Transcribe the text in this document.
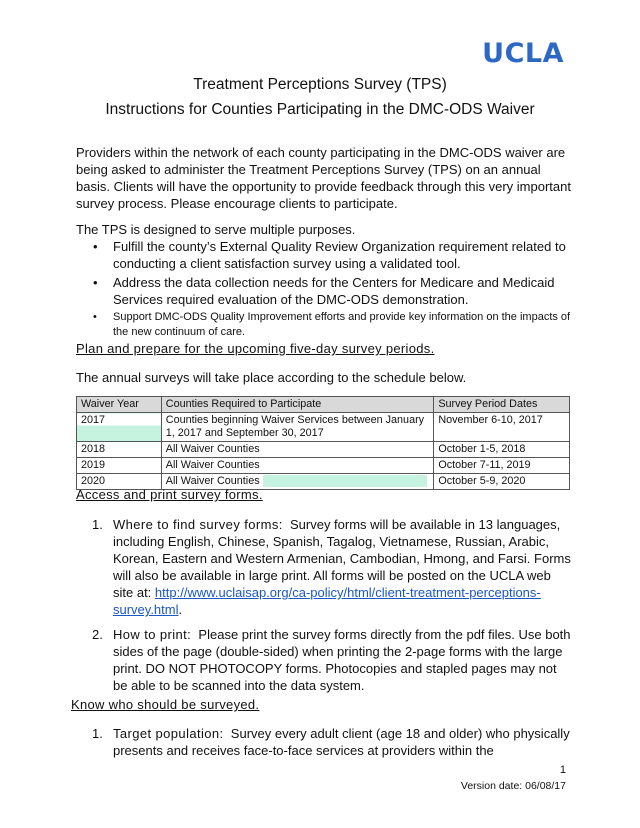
UCLA
Treatment Perceptions Survey (TPS)
Instructions for Counties Participating in the DMC-ODS Waiver
Providers within the network of each county participating in the DMC-ODS waiver are being asked to administer the Treatment Perceptions Survey (TPS) on an annual basis. Clients will have the opportunity to provide feedback through this very important survey process. Please encourage clients to participate.
The TPS is designed to serve multiple purposes.
• Fulfill the county’s External Quality Review Organization requirement related to conducting a client satisfaction survey using a validated tool.
• Address the data collection needs for the Centers for Medicare and Medicaid Services required evaluation of the DMC-ODS demonstration.
• Support DMC-ODS Quality Improvement efforts and provide key information on the impacts of the new continuum of care.
Plan and prepare for the upcoming five-day survey periods.
The annual surveys will take place according to the schedule below.
Waiver Year	Counties Required to Participate	Survey Period Dates
2017	Counties beginning Waiver Services between January 1, 2017 and September 30, 2017	November 6-10, 2017
2018	All Waiver Counties	October 1-5, 2018
2019	All Waiver Counties	October 7-11, 2019
2020	All Waiver Counties	October 5-9, 2020
Access and print survey forms.
1. Where to find survey forms: Survey forms will be available in 13 languages, including English, Chinese, Spanish, Tagalog, Vietnamese, Russian, Arabic, Korean, Eastern and Western Armenian, Cambodian, Hmong, and Farsi. Forms will also be available in large print. All forms will be posted on the UCLA web site at: http://www.uclaisap.org/ca-policy/html/client-treatment-perceptions-survey.html.
2. How to print: Please print the survey forms directly from the pdf files. Use both sides of the page (double-sided) when printing the 2-page forms with the large print. DO NOT PHOTOCOPY forms. Photocopies and stapled pages may not be able to be scanned into the data system.
Know who should be surveyed.
1. Target population: Survey every adult client (age 18 and older) who physically presents and receives face-to-face services at providers within the
1
Version date: 06/08/17
